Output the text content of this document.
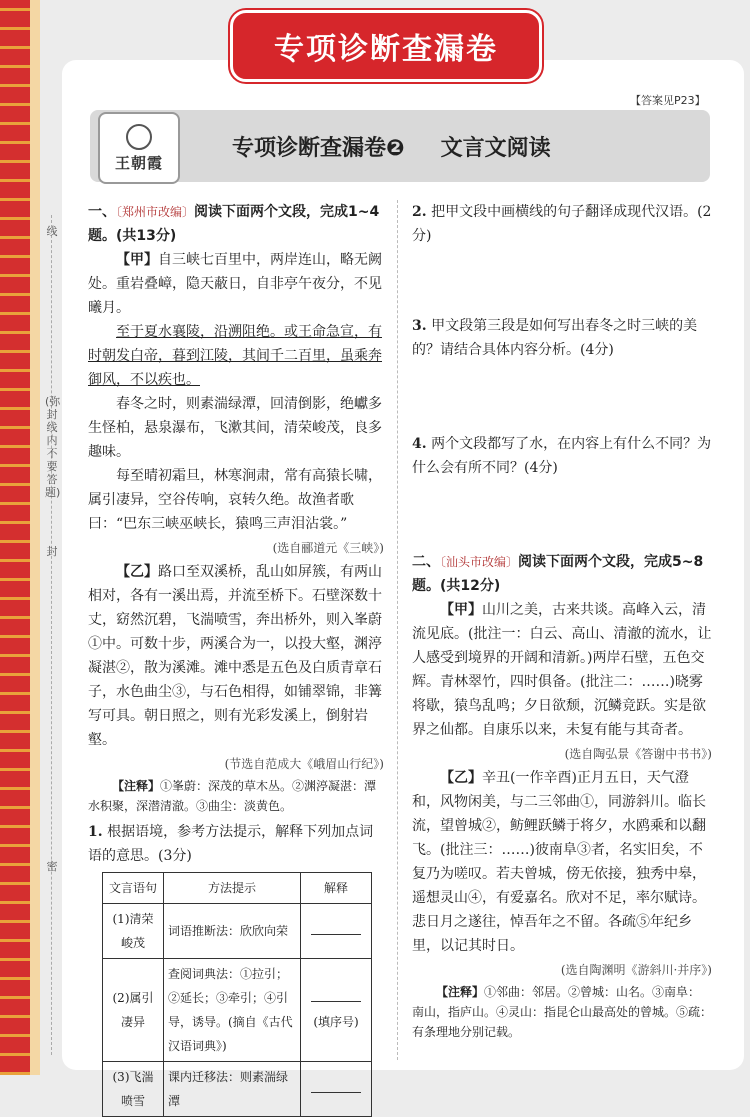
专项诊断查漏卷
【答案见P23】
王朝霞
专项诊断查漏卷❷ 文言文阅读
线
(弥封线内不要答题)
封
密

一、〔郑州市改编〕阅读下面两个文段，完成1~4题。(共13分)

【甲】自三峡七百里中，两岸连山，略无阙处。重岩叠嶂，隐天蔽日，自非亭午夜分，不见曦月。

至于夏水襄陵，沿溯阻绝。或王命急宣，有时朝发白帝，暮到江陵，其间千二百里，虽乘奔御风，不以疾也。

春冬之时，则素湍绿潭，回清倒影，绝巘多生怪柏，悬泉瀑布，飞漱其间，清荣峻茂，良多趣味。

每至晴初霜旦，林寒涧肃，常有高猿长啸，属引凄异，空谷传响，哀转久绝。故渔者歌曰：“巴东三峡巫峡长，猿鸣三声泪沾裳。”

(选自郦道元《三峡》)

【乙】路口至双溪桥，乱山如屏簇，有两山相对，各有一溪出焉，并流至桥下。石壁深数十丈，窈然沉碧，飞湍喷雪，奔出桥外，则入峯蔚①中。可数十步，两溪合为一，以投大壑，渊渟凝湛②，散为溪滩。滩中悉是五色及白质青章石子，水色曲尘③，与石色相得，如铺翠锦，非篝写可具。朝日照之，则有光彩发溪上，倒射岩壑。

(节选自范成大《峨眉山行纪》)

【注释】①峯蔚：深茂的草木丛。②渊渟凝湛：潭水积聚，深潜清澈。③曲尘：淡黄色。

1. 根据语境，参考方法提示，解释下列加点词语的意思。(3分)

文言语句	方法提示	解释
(1)清荣峻茂	词语推断法：欣欣向荣	
(2)属引凄异	查阅词典法：①拉引；②延长；③牵引；④引导，诱导。(摘自《古代汉语词典》)	(填序号)
(3)飞湍喷雪	课内迁移法：则素湍绿潭	

2. 把甲文段中画横线的句子翻译成现代汉语。(2分)

3. 甲文段第三段是如何写出春冬之时三峡的美的？请结合具体内容分析。(4分)

4. 两个文段都写了水，在内容上有什么不同？为什么会有所不同？(4分)

二、〔汕头市改编〕阅读下面两个文段，完成5~8题。(共12分)

【甲】山川之美，古来共谈。高峰入云，清流见底。(批注一：白云、高山、清澈的流水，让人感受到境界的开阔和清新。)两岸石壁，五色交辉。青林翠竹，四时俱备。(批注二：……)晓雾将歇，猿鸟乱鸣；夕日欲颓，沉鳞竞跃。实是欲界之仙都。自康乐以来，未复有能与其奇者。

(选自陶弘景《答谢中书书》)

【乙】辛丑(一作辛酉)正月五日，天气澄和，风物闲美，与二三邻曲①，同游斜川。临长流，望曾城②，鲂鲤跃鳞于将夕，水鸥乘和以翻飞。(批注三：……)彼南阜③者，名实旧矣，不复乃为嗟叹。若夫曾城，傍无依接，独秀中皋，遥想灵山④，有爱嘉名。欣对不足，率尔赋诗。悲日月之遂往，悼吾年之不留。各疏⑤年纪乡里，以记其时日。

(选自陶渊明《游斜川·并序》)

【注释】①邻曲：邻居。②曾城：山名。③南阜：南山，指庐山。④灵山：指昆仑山最高处的曾城。⑤疏：有条理地分别记载。
